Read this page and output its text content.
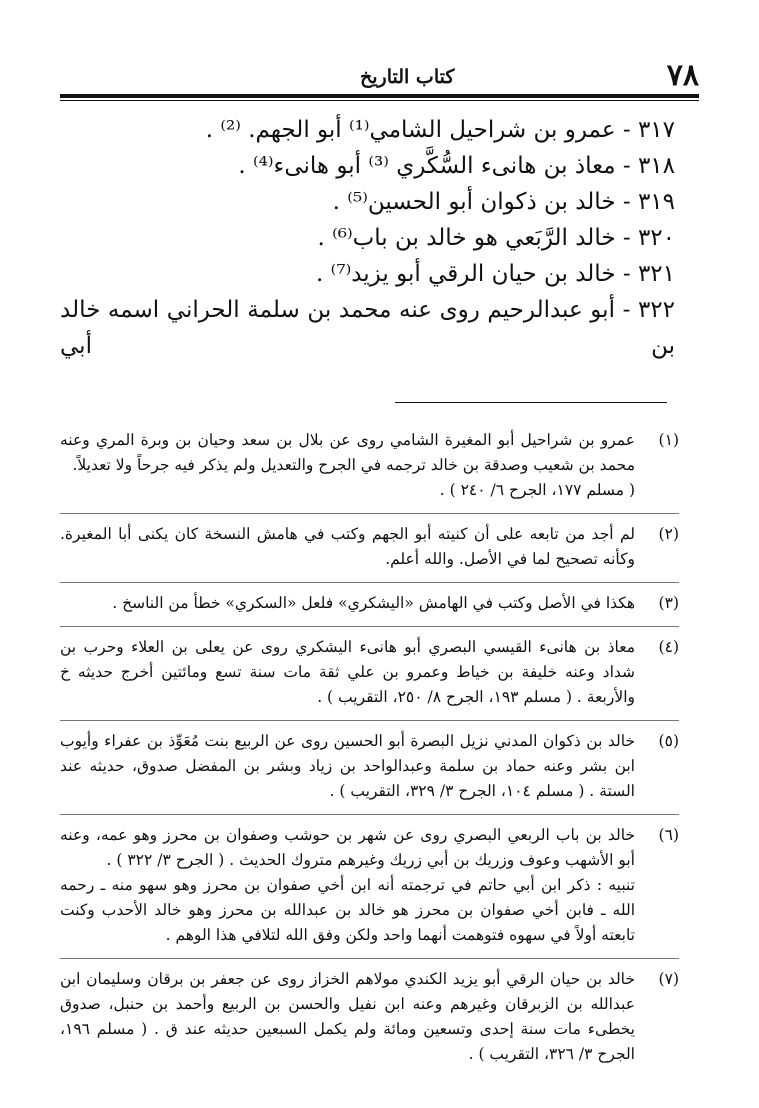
٧٨
كتاب التاريخ
٣١٧ - عمرو بن شراحيل الشامي⁽¹⁾ أبو الجهم. ⁽²⁾ .
٣١٨ - معاذ بن هانىء السُّكَّري ⁽³⁾ أبو هانىء⁽⁴⁾ .
٣١٩ - خالد بن ذكوان أبو الحسين⁽⁵⁾ .
٣٢٠ - خالد الرَّبَعي هو خالد بن باب⁽⁶⁾ .
٣٢١ - خالد بن حيان الرقي أبو يزيد⁽⁷⁾ .
٣٢٢ - أبو عبدالرحيم روى عنه محمد بن سلمة الحراني اسمه خالد بن أبي
(١)
عمرو بن شراحيل أبو المغيرة الشامي روى عن بلال بن سعد وحيان بن وبرة المري وعنه محمد بن شعيب وصدقة بن خالد ترجمه في الجرح والتعديل ولم يذكر فيه جرحاً ولا تعديلاً.
( مسلم ١٧٧، الجرح ٦/ ٢٤٠ ) .
(٢)
لم أجد من تابعه على أن كنيته أبو الجهم وكتب في هامش النسخة كان يكنى أبا المغيرة. وكأنه تصحيح لما في الأصل. والله أعلم.
(٣)
هكذا في الأصل وكتب في الهامش «اليشكري» فلعل «السكري» خطأ من الناسخ .
(٤)
معاذ بن هانىء القيسي البصري أبو هانىء اليشكري روى عن يعلى بن العلاء وحرب بن شداد وعنه خليفة بن خياط وعمرو بن علي ثقة مات سنة تسع ومائتين أخرج حديثه خ والأربعة . ( مسلم ١٩٣، الجرح ٨/ ٢٥٠، التقريب ) .
(٥)
خالد بن ذكوان المدني نزيل البصرة أبو الحسين روى عن الربيع بنت مُعَوِّذ بن عفراء وأيوب ابن بشر وعنه حماد بن سلمة وعبدالواحد بن زياد وبشر بن المفضل صدوق، حديثه عند الستة . ( مسلم ١٠٤، الجرح ٣/ ٣٢٩، التقريب ) .
(٦)
خالد بن باب الربعي البصري روى عن شهر بن حوشب وصفوان بن محرز وهو عمه، وعنه أبو الأشهب وعوف وزريك بن أبي زريك وغيرهم متروك الحديث . ( الجرح ٣/ ٣٢٢ ) .
تنبيه : ذكر ابن أبي حاتم في ترجمته أنه ابن أخي صفوان بن محرز وهو سهو منه ـ رحمه الله ـ فابن أخي صفوان بن محرز هو خالد بن عبدالله بن محرز وهو خالد الأحدب وكنت تابعته أولاً في سهوه فتوهمت أنهما واحد ولكن وفق الله لتلافي هذا الوهم .
(٧)
خالد بن حيان الرقي أبو يزيد الكندي مولاهم الخزاز روى عن جعفر بن برقان وسليمان ابن عبدالله بن الزبرقان وغيرهم وعنه ابن نفيل والحسن بن الربيع وأحمد بن حنبل، صدوق يخطىء مات سنة إحدى وتسعين ومائة ولم يكمل السبعين حديثه عند ق . ( مسلم ١٩٦، الجرح ٣/ ٣٢٦، التقريب ) .
